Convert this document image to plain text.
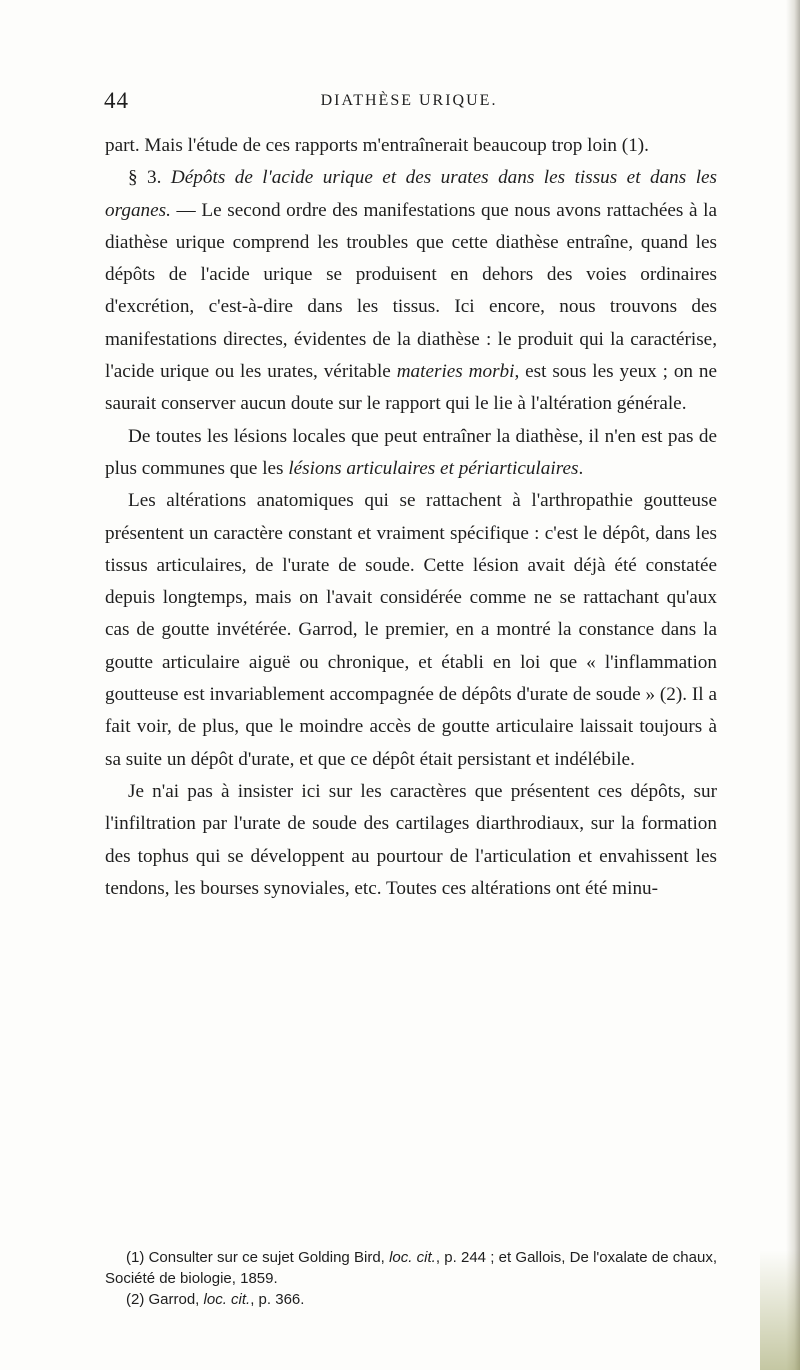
44	DIATHÈSE URIQUE.

part. Mais l'étude de ces rapports m'entraînerait beaucoup trop loin (1).

§ 3. Dépôts de l'acide urique et des urates dans les tissus et dans les organes. — Le second ordre des manifestations que nous avons rattachées à la diathèse urique comprend les troubles que cette diathèse entraîne, quand les dépôts de l'acide urique se produisent en dehors des voies ordinaires d'excrétion, c'est-à-dire dans les tissus. Ici encore, nous trouvons des manifestations directes, évidentes de la diathèse : le produit qui la caractérise, l'acide urique ou les urates, véritable materies morbi, est sous les yeux ; on ne saurait conserver aucun doute sur le rapport qui le lie à l'altération générale.

De toutes les lésions locales que peut entraîner la diathèse, il n'en est pas de plus communes que les lésions articulaires et périarticulaires.

Les altérations anatomiques qui se rattachent à l'arthropathie goutteuse présentent un caractère constant et vraiment spécifique : c'est le dépôt, dans les tissus articulaires, de l'urate de soude. Cette lésion avait déjà été constatée depuis longtemps, mais on l'avait considérée comme ne se rattachant qu'aux cas de goutte invétérée. Garrod, le premier, en a montré la constance dans la goutte articulaire aiguë ou chronique, et établi en loi que « l'inflammation goutteuse est invariablement accompagnée de dépôts d'urate de soude » (2). Il a fait voir, de plus, que le moindre accès de goutte articulaire laissait toujours à sa suite un dépôt d'urate, et que ce dépôt était persistant et indélébile.

Je n'ai pas à insister ici sur les caractères que présentent ces dépôts, sur l'infiltration par l'urate de soude des cartilages diarthrodiaux, sur la formation des tophus qui se développent au pourtour de l'articulation et envahissent les tendons, les bourses synoviales, etc. Toutes ces altérations ont été minu-

(1) Consulter sur ce sujet Golding Bird, loc. cit., p. 244 ; et Gallois, De l'oxalate de chaux, Société de biologie, 1859.

(2) Garrod, loc. cit., p. 366.
